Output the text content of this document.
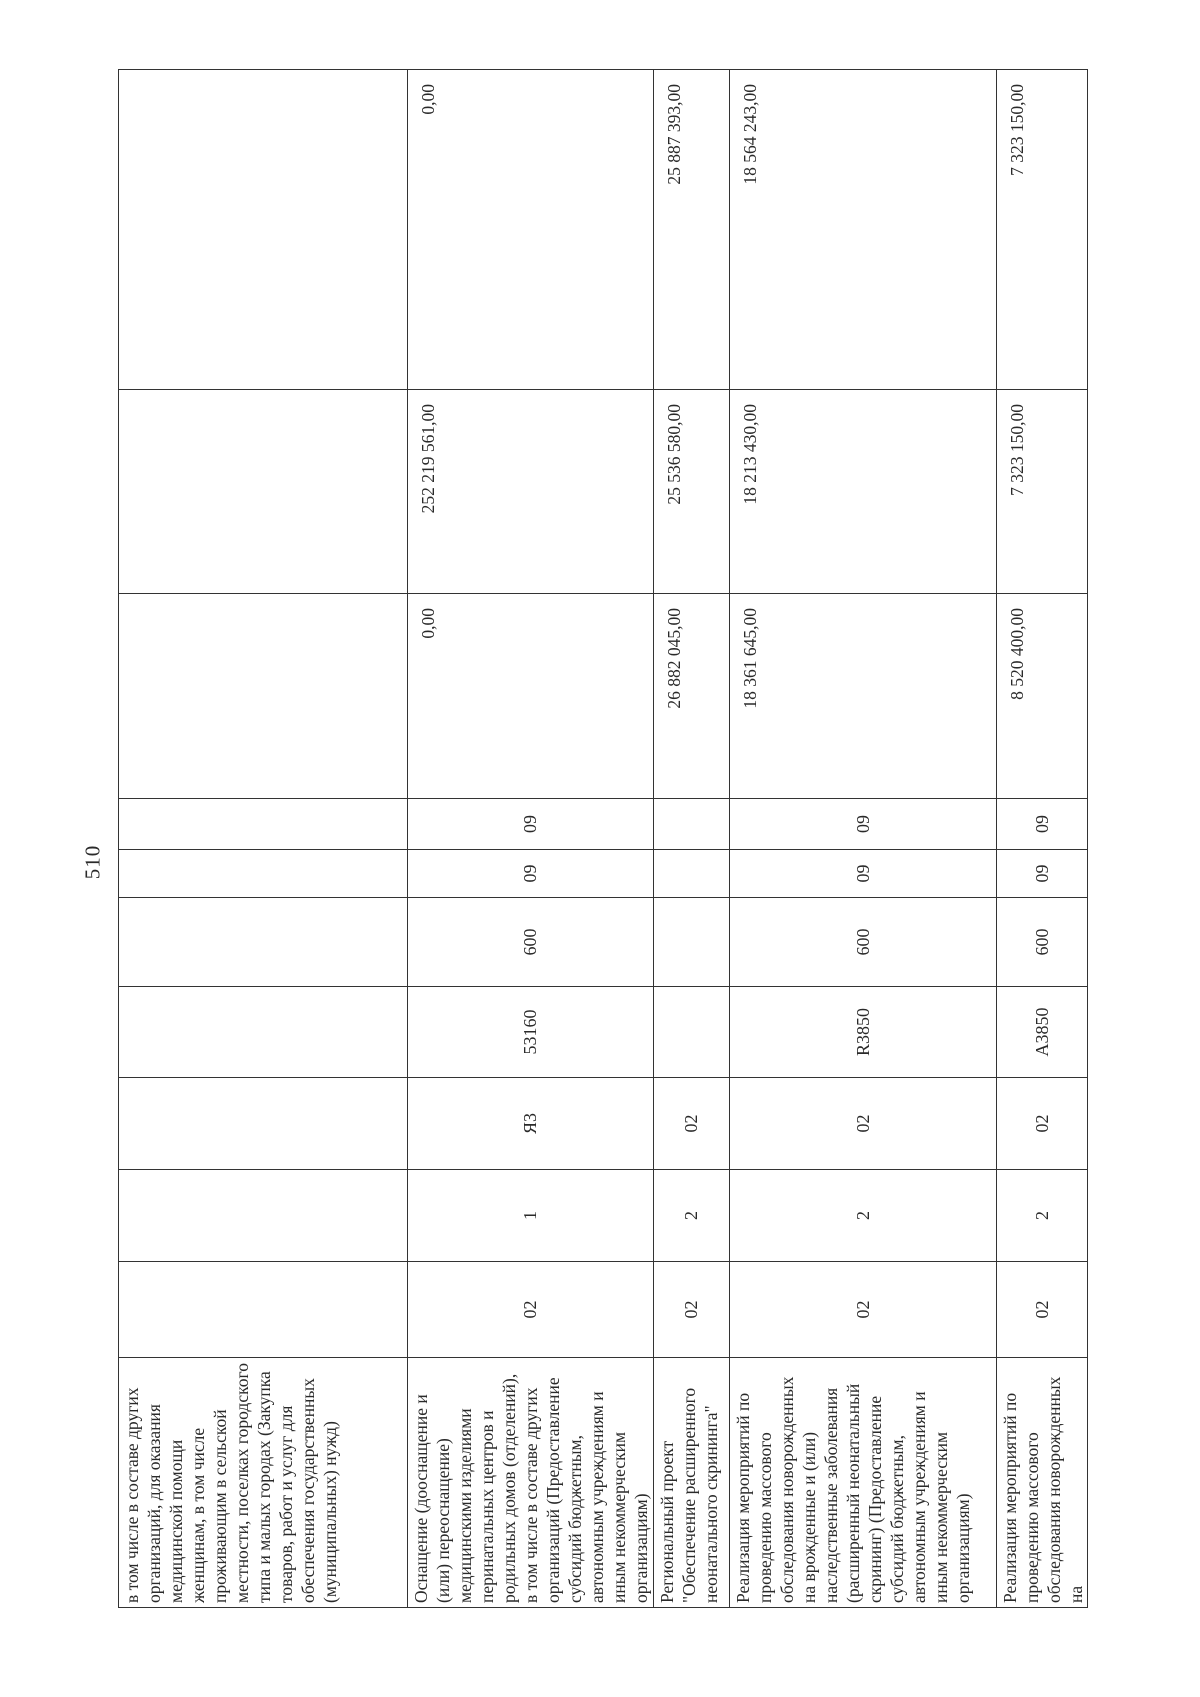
510
в том числе в составе других организаций, для оказания медицинской помощи женщинам, в том числе проживающим в сельской местности, поселках городского типа и малых городах (Закупка товаров, работ и услуг для обеспечения государственных (муниципальных) нужд)										
Оснащение (дооснащение и (или) переоснащение) медицинскими изделиями перинатальных центров и родильных домов (отделений), в том числе в составе других организаций (Предоставление субсидий бюджетным, автономным учреждениям и иным некоммерческим организациям)	02	1	Я3	53160	600	09	09	0,00	252 219 561,00	0,00
Региональный проект "Обеспечение расширенного неонатального скрининга"	02	2	02					26 882 045,00	25 536 580,00	25 887 393,00
Реализация мероприятий по проведению массового обследования новорожденных на врожденные и (или) наследственные заболевания (расширенный неонатальный скрининг) (Предоставление субсидий бюджетным, автономным учреждениям и иным некоммерческим организациям)	02	2	02	R3850	600	09	09	18 361 645,00	18 213 430,00	18 564 243,00
Реализация мероприятий по проведению массового обследования новорожденных на	02	2	02	А3850	600	09	09	8 520 400,00	7 323 150,00	7 323 150,00
